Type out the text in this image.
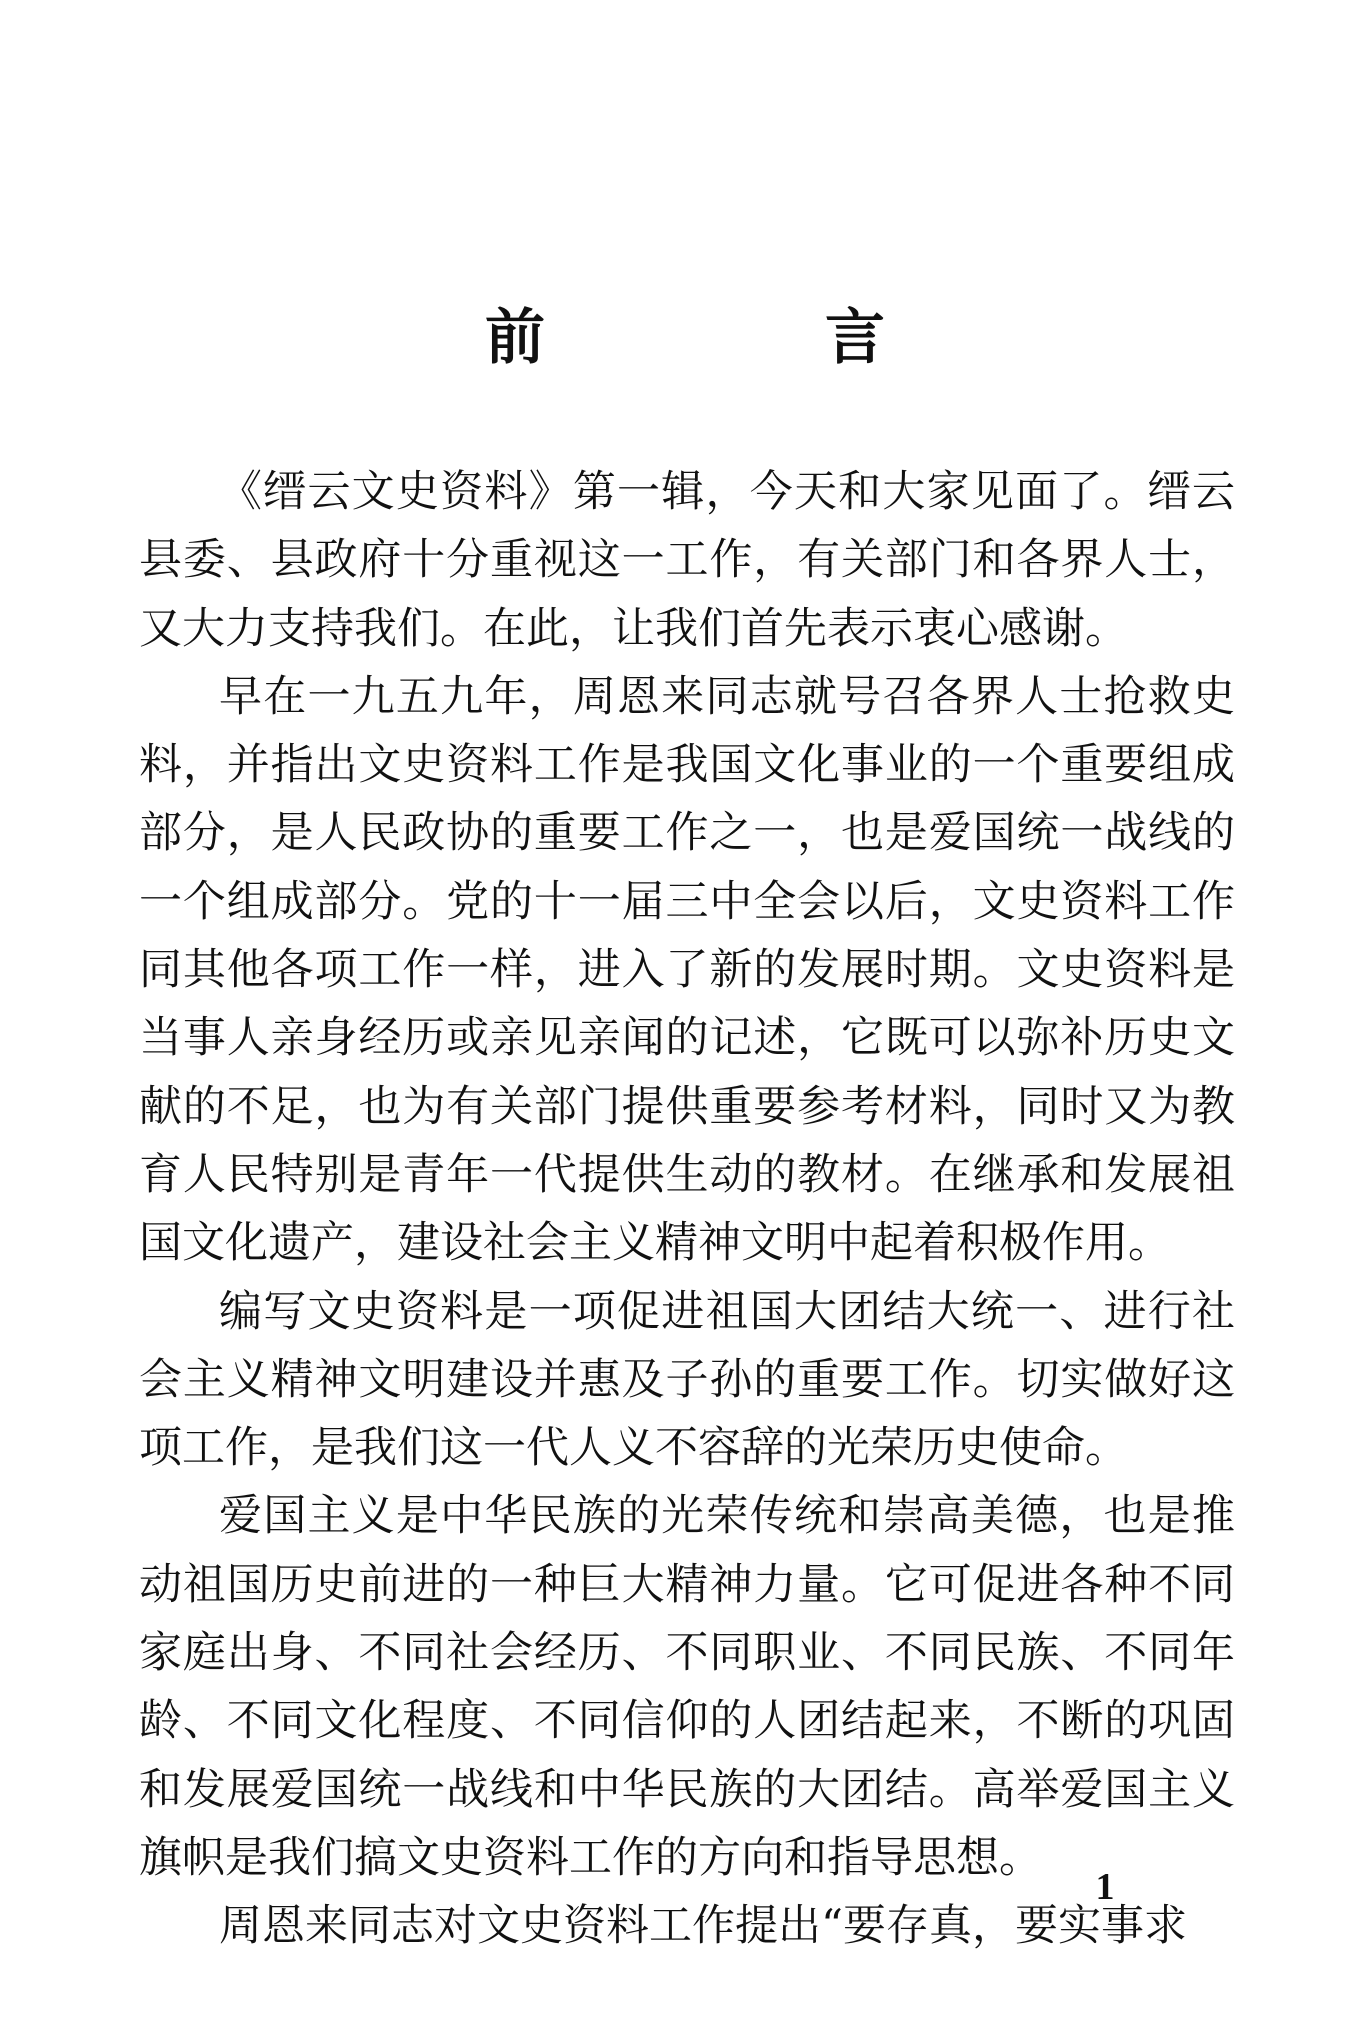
前　言

《缙云文史资料》第一辑，今天和大家见面了。缙云县委、县政府十分重视这一工作，有关部门和各界人士，又大力支持我们。在此，让我们首先表示衷心感谢。

早在一九五九年，周恩来同志就号召各界人士抢救史料，并指出文史资料工作是我国文化事业的一个重要组成部分，是人民政协的重要工作之一，也是爱国统一战线的一个组成部分。党的十一届三中全会以后，文史资料工作同其他各项工作一样，进入了新的发展时期。文史资料是当事人亲身经历或亲见亲闻的记述，它既可以弥补历史文献的不足，也为有关部门提供重要参考材料，同时又为教育人民特别是青年一代提供生动的教材。在继承和发展祖国文化遗产，建设社会主义精神文明中起着积极作用。

编写文史资料是一项促进祖国大团结大统一、进行社会主义精神文明建设并惠及子孙的重要工作。切实做好这项工作，是我们这一代人义不容辞的光荣历史使命。

爱国主义是中华民族的光荣传统和崇高美德，也是推动祖国历史前进的一种巨大精神力量。它可促进各种不同家庭出身、不同社会经历、不同职业、不同民族、不同年龄、不同文化程度、不同信仰的人团结起来，不断的巩固和发展爱国统一战线和中华民族的大团结。高举爱国主义旗帜是我们搞文史资料工作的方向和指导思想。

周恩来同志对文史资料工作提出“要存真，要实事求

1
